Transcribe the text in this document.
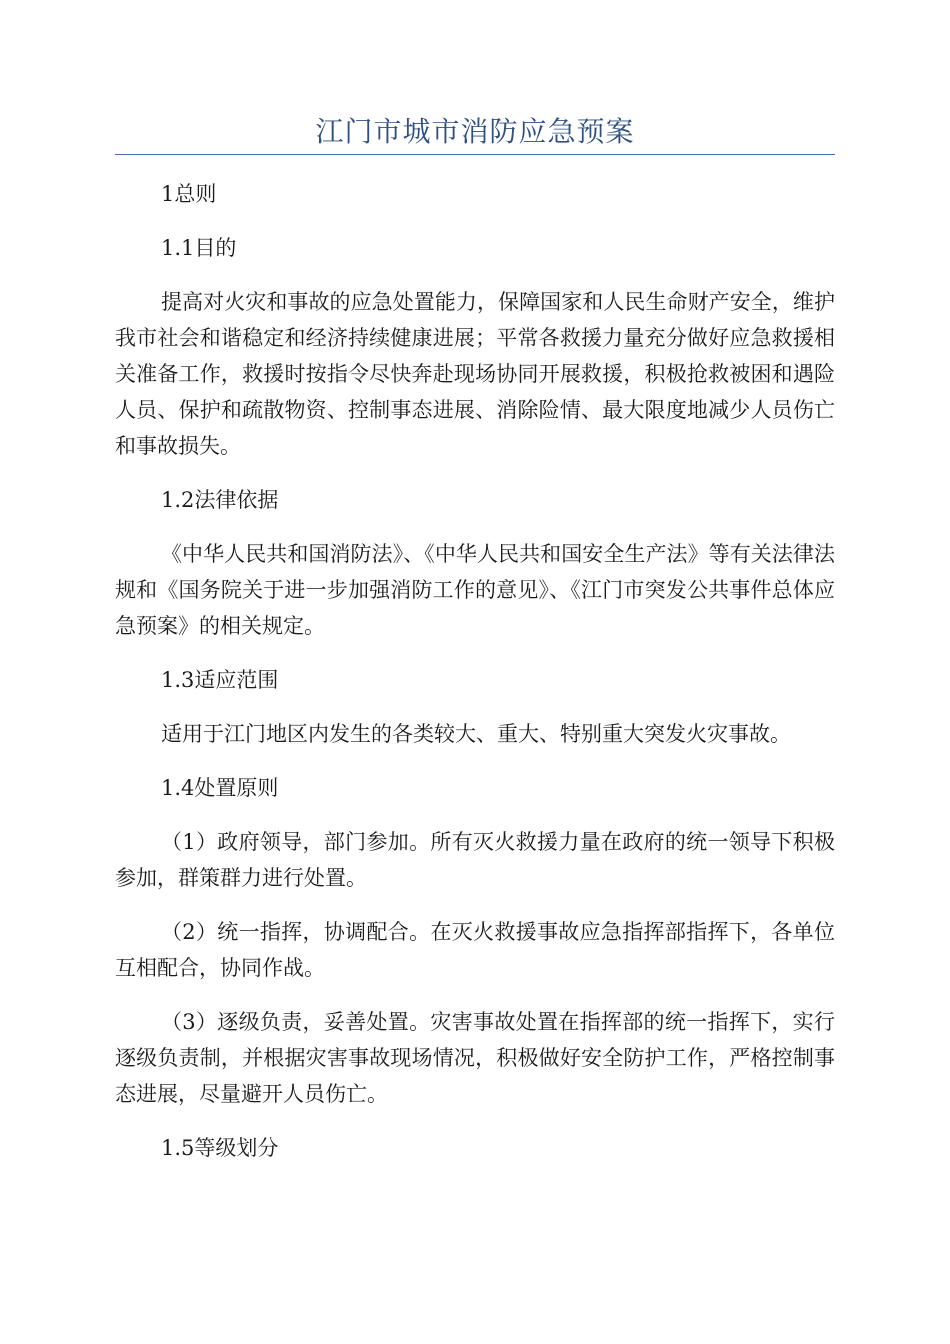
江门市城市消防应急预案

1总则

1.1目的

提高对火灾和事故的应急处置能力，保障国家和人民生命财产安全，维护我市社会和谐稳定和经济持续健康进展；平常各救援力量充分做好应急救援相关准备工作，救援时按指令尽快奔赴现场协同开展救援，积极抢救被困和遇险人员、保护和疏散物资、控制事态进展、消除险情、最大限度地减少人员伤亡和事故损失。

1.2法律依据

《中华人民共和国消防法》、《中华人民共和国安全生产法》等有关法律法规和《国务院关于进一步加强消防工作的意见》、《江门市突发公共事件总体应急预案》的相关规定。

1.3适应范围

适用于江门地区内发生的各类较大、重大、特别重大突发火灾事故。

1.4处置原则

（1）政府领导，部门参加。所有灭火救援力量在政府的统一领导下积极参加，群策群力进行处置。

（2）统一指挥，协调配合。在灭火救援事故应急指挥部指挥下，各单位互相配合，协同作战。

（3）逐级负责，妥善处置。灾害事故处置在指挥部的统一指挥下，实行逐级负责制，并根据灾害事故现场情况，积极做好安全防护工作，严格控制事态进展，尽量避开人员伤亡。

1.5等级划分
